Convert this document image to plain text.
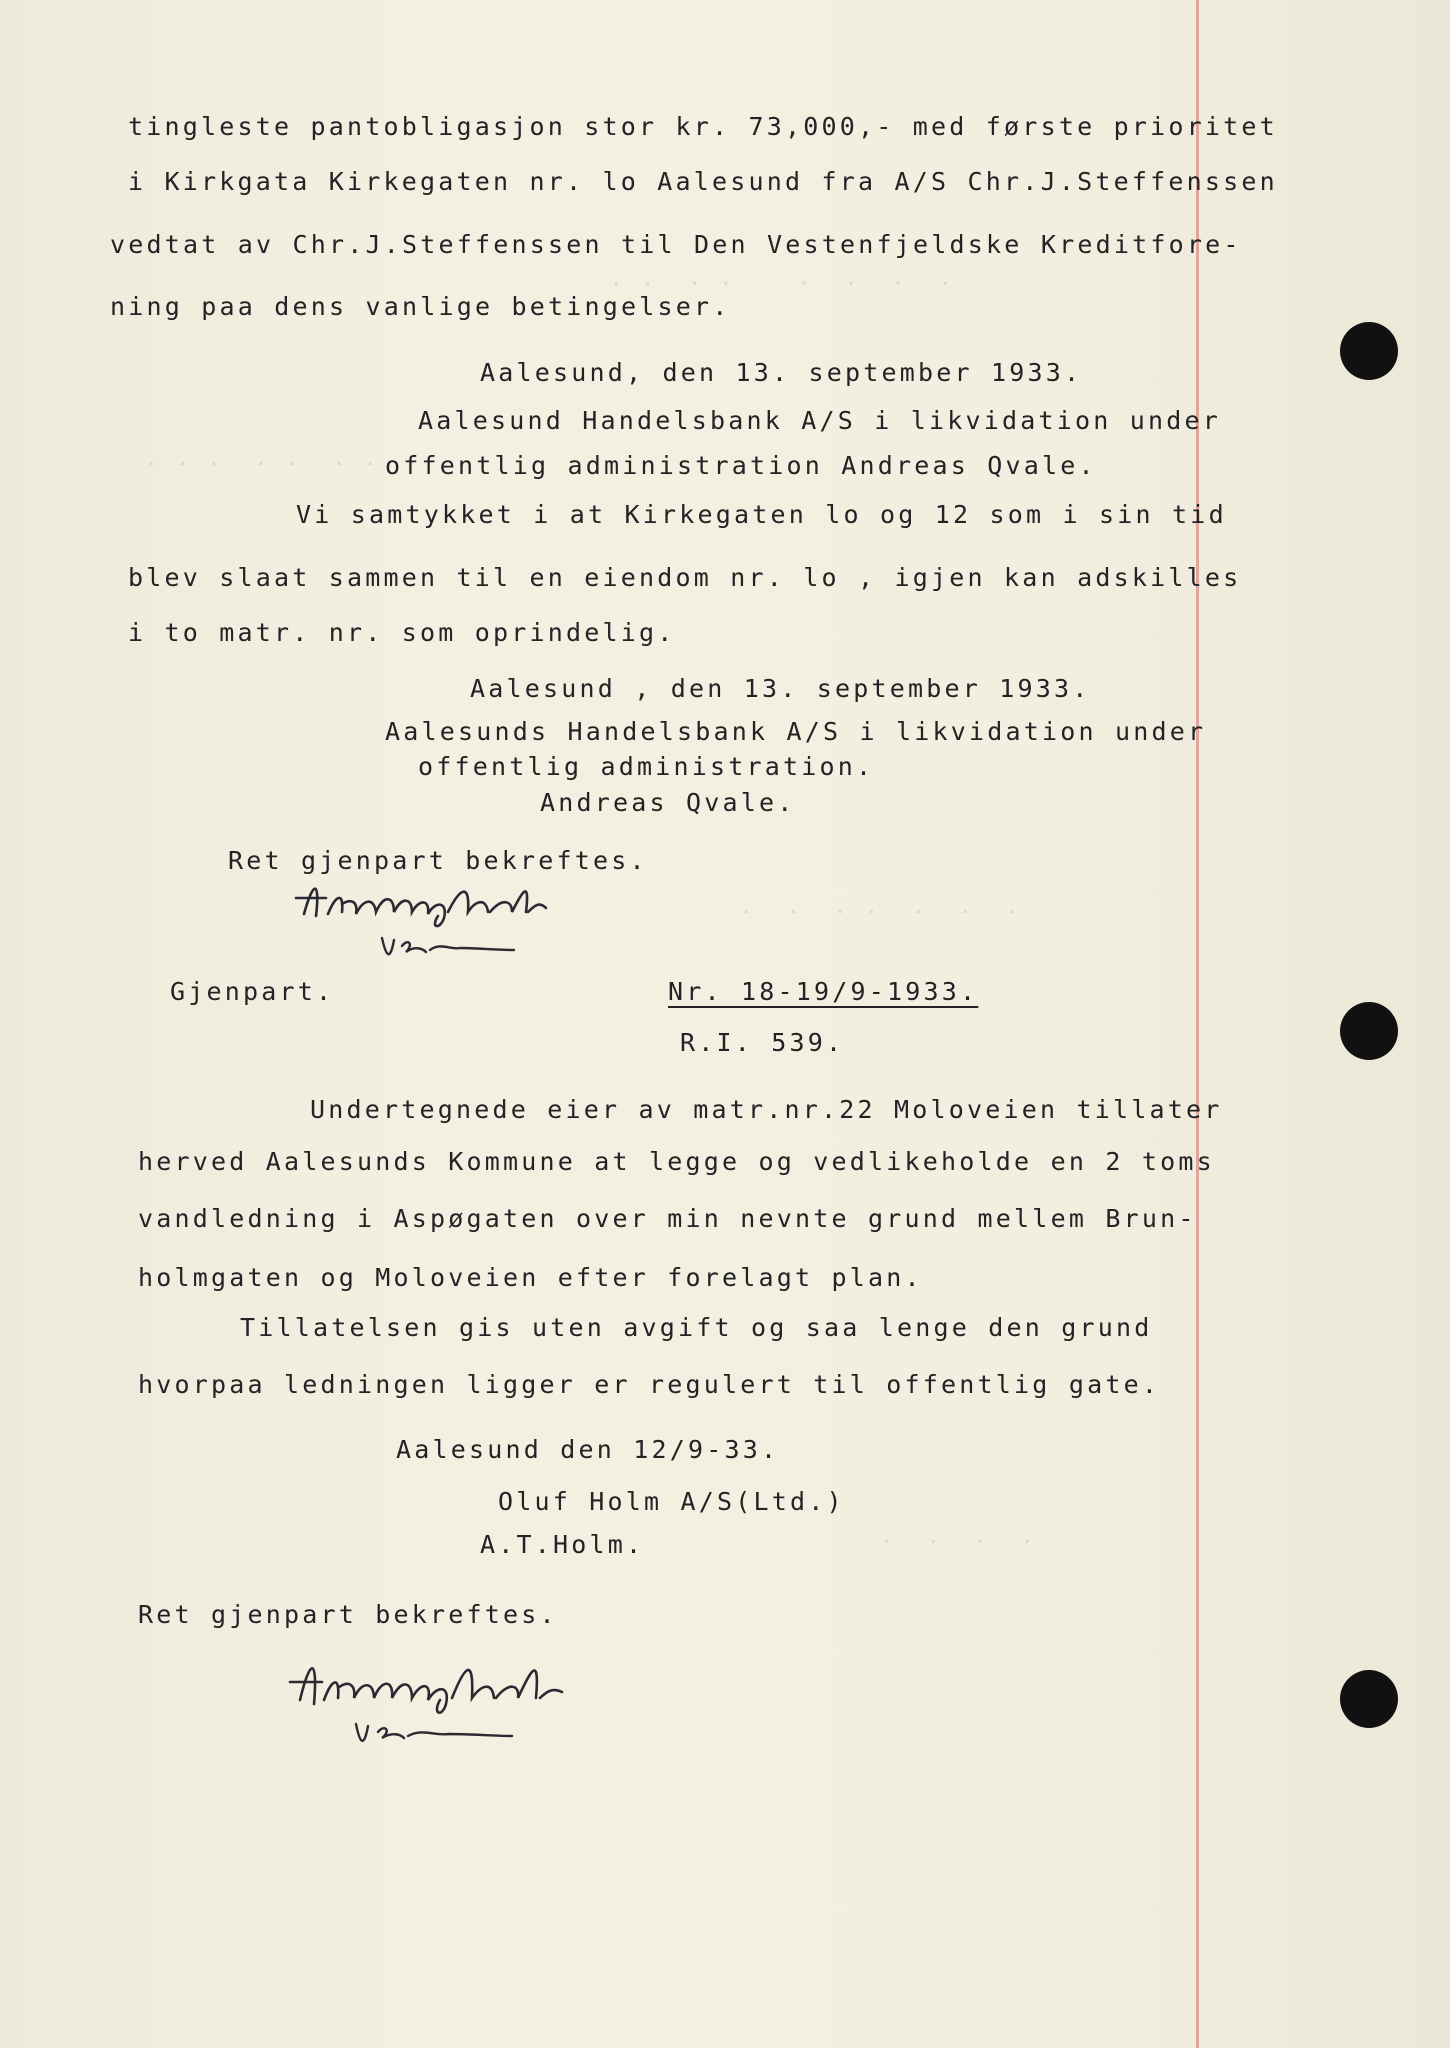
· ·  · ·    ·  ·  ·  ·
· · ·  · ·  · ·
·  ·  · ·  ·  ·  ·
·  ·  ·  ·
tingleste pantobligasjon stor kr. 73,000,- med første prioritet
i Kirkgata Kirkegaten nr. lo Aalesund fra A/S Chr.J.Steffenssen
vedtat av Chr.J.Steffenssen til Den Vestenfjeldske Kreditfore-
ning paa dens vanlige betingelser.
Aalesund, den 13. september 1933.
Aalesund Handelsbank A/S i likvidation under
offentlig administration Andreas Qvale.
Vi samtykket i at Kirkegaten lo og 12 som i sin tid
blev slaat sammen til en eiendom nr. lo , igjen kan adskilles
i to matr. nr. som oprindelig.
Aalesund , den 13. september 1933.
Aalesunds Handelsbank A/S i likvidation under
offentlig administration.
Andreas Qvale.
Ret gjenpart bekreftes.
Gjenpart.	Nr. 18-19/9-1933.
R.I. 539.
Undertegnede eier av matr.nr.22 Moloveien tillater
herved Aalesunds Kommune at legge og vedlikeholde en 2 toms
vandledning i Aspøgaten over min nevnte grund mellem Brun-
holmgaten og Moloveien efter forelagt plan.
Tillatelsen gis uten avgift og saa lenge den grund
hvorpaa ledningen ligger er regulert til offentlig gate.
Aalesund den 12/9-33.
Oluf Holm A/S(Ltd.)
A.T.Holm.
Ret gjenpart bekreftes.
